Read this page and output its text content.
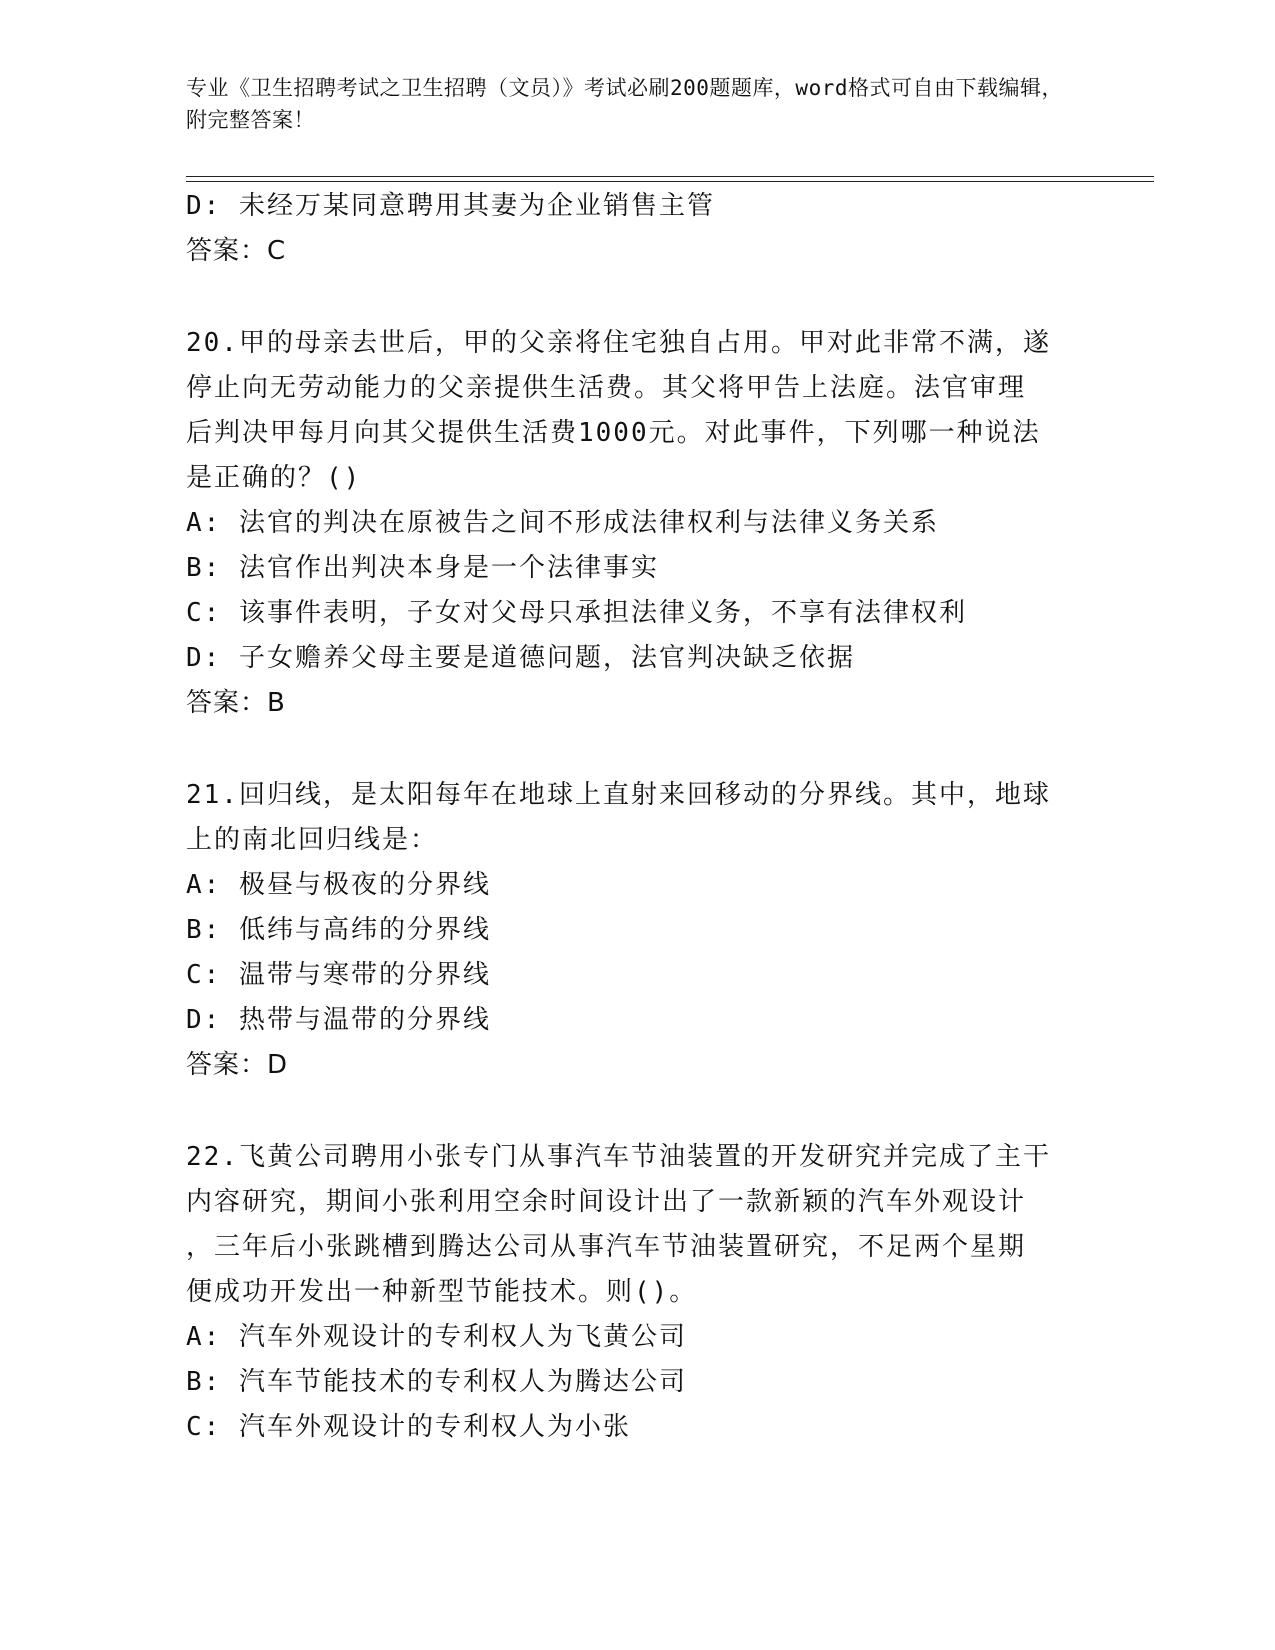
专业《卫生招聘考试之卫生招聘（文员）》考试必刷200题题库，word格式可自由下载编辑，附完整答案！
D: 未经万某同意聘用其妻为企业销售主管
答案：C
20.甲的母亲去世后，甲的父亲将住宅独自占用。甲对此非常不满，遂
停止向无劳动能力的父亲提供生活费。其父将甲告上法庭。法官审理
后判决甲每月向其父提供生活费1000元。对此事件，下列哪一种说法
是正确的？()
A: 法官的判决在原被告之间不形成法律权利与法律义务关系
B: 法官作出判决本身是一个法律事实
C: 该事件表明，子女对父母只承担法律义务，不享有法律权利
D: 子女赡养父母主要是道德问题，法官判决缺乏依据
答案：B
21.回归线，是太阳每年在地球上直射来回移动的分界线。其中，地球
上的南北回归线是：
A: 极昼与极夜的分界线
B: 低纬与高纬的分界线
C: 温带与寒带的分界线
D: 热带与温带的分界线
答案：D
22.飞黄公司聘用小张专门从事汽车节油装置的开发研究并完成了主干
内容研究，期间小张利用空余时间设计出了一款新颖的汽车外观设计
，三年后小张跳槽到腾达公司从事汽车节油装置研究，不足两个星期
便成功开发出一种新型节能技术。则()。
A: 汽车外观设计的专利权人为飞黄公司
B: 汽车节能技术的专利权人为腾达公司
C: 汽车外观设计的专利权人为小张
